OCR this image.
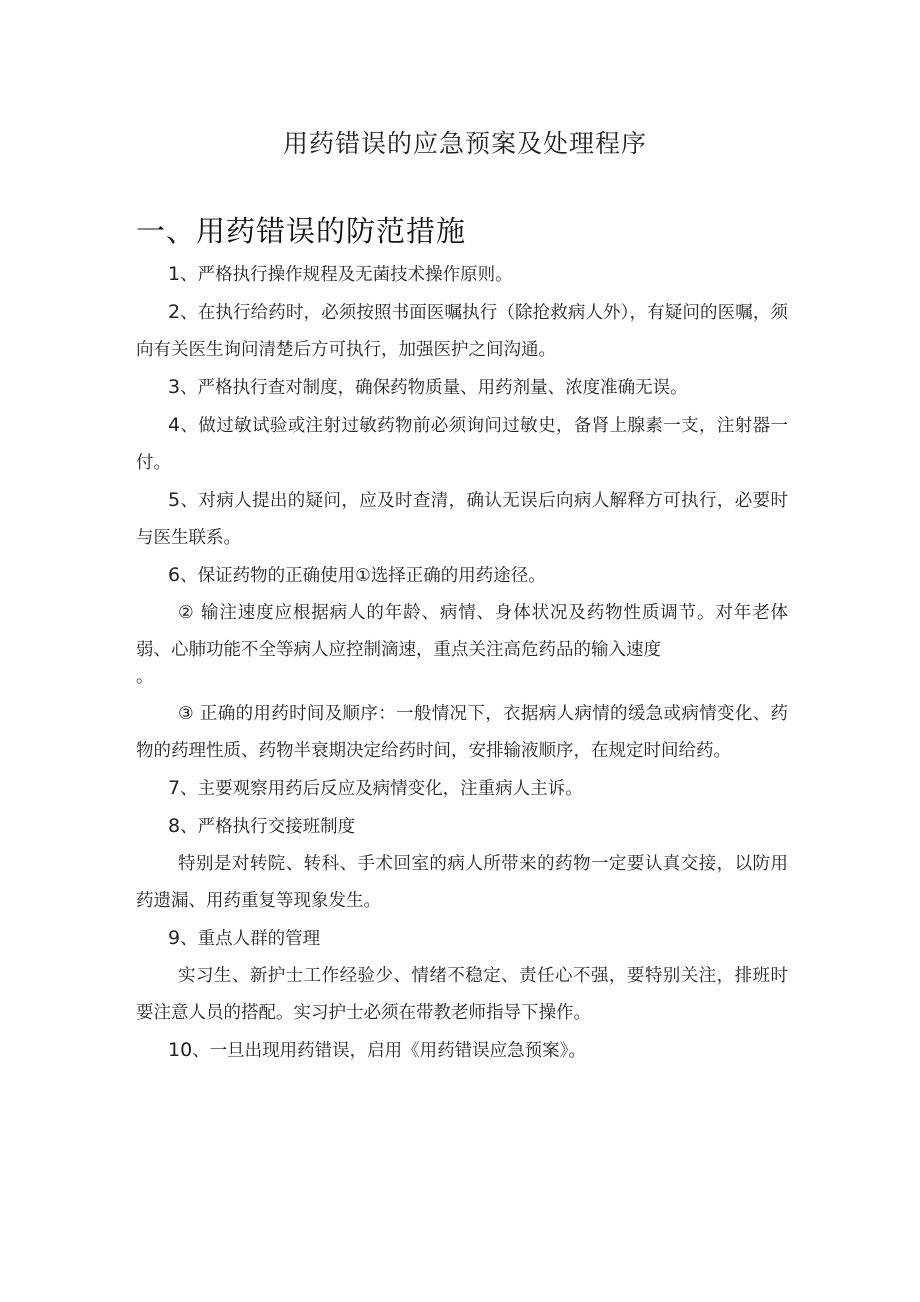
用药错误的应急预案及处理程序
一、用药错误的防范措施

1、严格执行操作规程及无菌技术操作原则。

2、在执行给药时，必须按照书面医嘱执行（除抢救病人外），有疑问的医嘱，须向有关医生询问清楚后方可执行，加强医护之间沟通。

3、严格执行查对制度，确保药物质量、用药剂量、浓度准确无误。

4、做过敏试验或注射过敏药物前必须询问过敏史，备肾上腺素一支，注射器一付。

5、对病人提出的疑问，应及时查清，确认无误后向病人解释方可执行，必要时与医生联系。

6、保证药物的正确使用①选择正确的用药途径。

② 输注速度应根据病人的年龄、病情、身体状况及药物性质调节。对年老体弱、心肺功能不全等病人应控制滴速，重点关注高危药品的输入速度

。

③ 正确的用药时间及顺序：一般情况下，衣据病人病情的缓急或病情变化、药物的药理性质、药物半衰期决定给药时间，安排输液顺序，在规定时间给药。

7、主要观察用药后反应及病情变化，注重病人主诉。

8、严格执行交接班制度

特别是对转院、转科、手术回室的病人所带来的药物一定要认真交接，以防用药遗漏、用药重复等现象发生。

9、重点人群的管理

实习生、新护士工作经验少、情绪不稳定、责任心不强，要特别关注，排班时要注意人员的搭配。实习护士必须在带教老师指导下操作。

10、一旦出现用药错误，启用《用药错误应急预案》。
